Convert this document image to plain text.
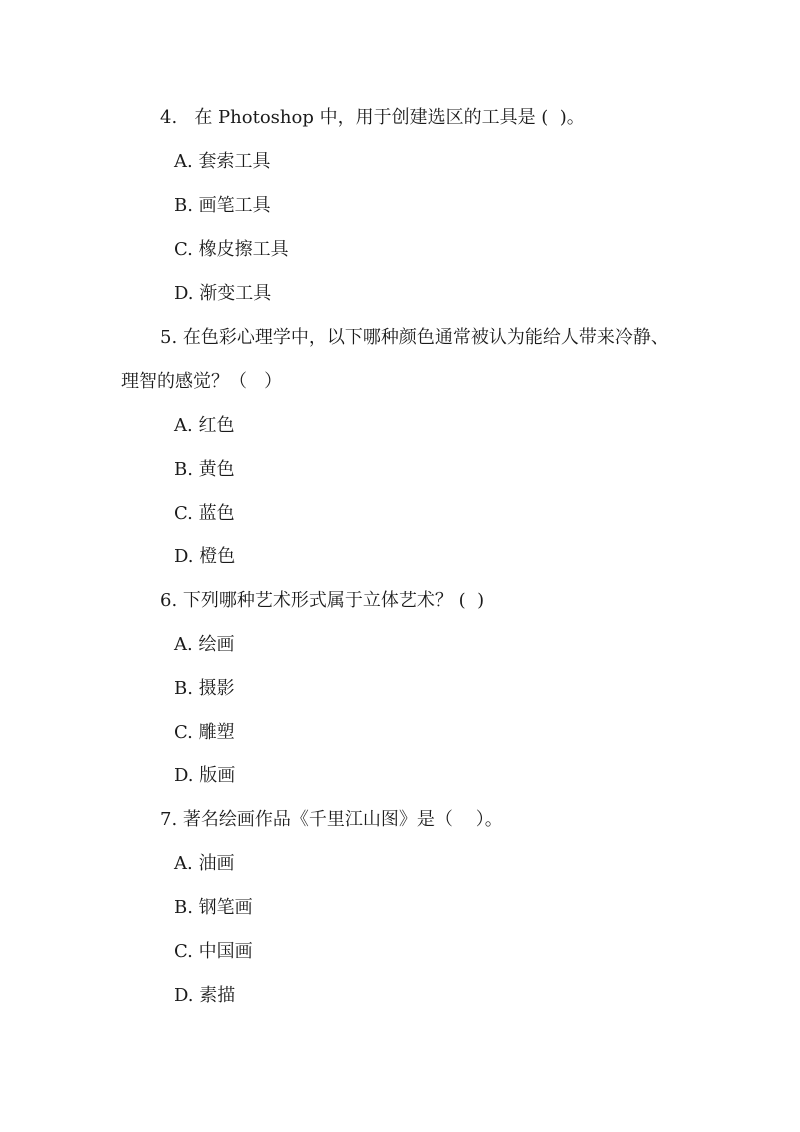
4.   在 Photoshop 中，用于创建选区的工具是 (  )。
A. 套索工具
B. 画笔工具
C. 橡皮擦工具
D. 渐变工具
5. 在色彩心理学中，以下哪种颜色通常被认为能给人带来冷静、
理智的感觉？（   ）
A. 红色
B. 黄色
C. 蓝色
D. 橙色
6. 下列哪种艺术形式属于立体艺术？ (  )
A. 绘画
B. 摄影
C. 雕塑
D. 版画
7. 著名绘画作品《千里江山图》是（    ）。
A. 油画
B. 钢笔画
C. 中国画
D. 素描
